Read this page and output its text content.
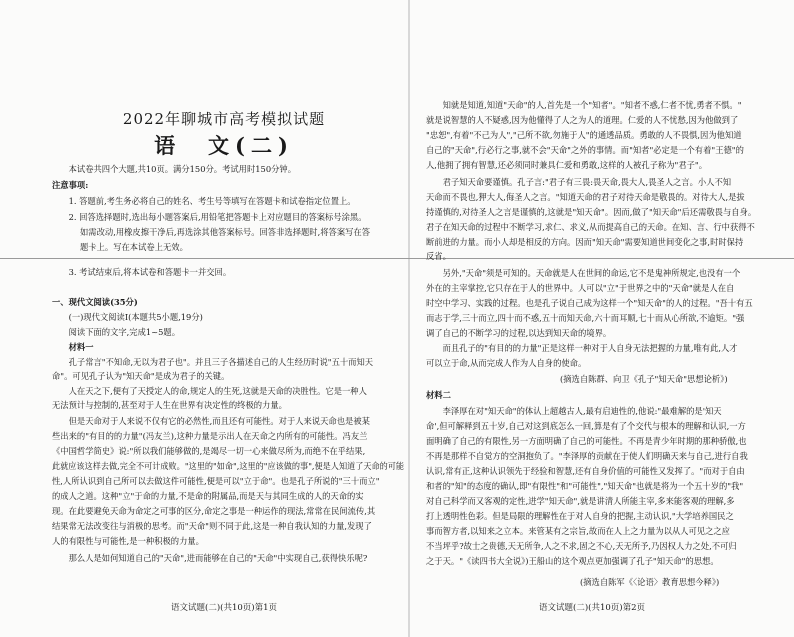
2022年聊城市高考模拟试题
语　文(二)

本试卷共四个大题,共10页。满分150分。考试用时150分钟。

注意事项:

1. 答题前,考生务必将自己的姓名、考生号等填写在答题卡和试卷指定位置上。

2. 回答选择题时,选出每小题答案后,用铅笔把答题卡上对应题目的答案标号涂黑。

如需改动,用橡皮擦干净后,再选涂其他答案标号。回答非选择题时,将答案写在答

题卡上。写在本试卷上无效。

3. 考试结束后,将本试卷和答题卡一并交回。

一、现代文阅读(35分)

(一)现代文阅读I(本题共5小题,19分)

阅读下面的文字,完成1~5题。

材料一

孔子常言"不知命,无以为君子也"。并且三子各描述自己的人生经历时说"五十而知天

命"。可见孔子认为"知天命"是成为君子的关键。

人在天之下,便有了天授定人的命,规定人的生死,这就是天命的决胜性。它是一种人

无法预计与控制的,甚至对于人生在世界有决定性的终极的力量。

但是天命对于人来说不仅有它的必然性,而且还有可能性。对于人来说天命也是被某

些出来的"有目的的力量"(冯友兰),这种力量是示出人在天命之内所有的可能性。冯友兰

《中国哲学简史》说:"所以我们能够做的,是竭尽一切一心来做尽所为,而绝不在乎结果,

此就应该这样去做,完全不可计成败。"这里的"如命",这里的"应该做的事",便是人知道了天命的可能

性,人所认识到自己所可以去做这件可能性,便是可以"立于命"。也是孔子所说的"三十而立"

的成人之道。这种"立"于命的力量,不是命的附属品,而是天与其同生成的人的天命的实

现。在此要避免天命为命定之可事的区分,命定之事是一种运作的现法,常常在民间流传,其

结果常无法改变往与消极的思考。而"天命"则不同于此,这是一种自我认知的力量,发现了

人的有限性与可能性,是一种积极的力量。

那么人是如何知道自己的"天命",进而能够在自己的"天命"中实现自己,获得快乐呢?

语文试题(二)(共10页)第1页

知就是知道,知道"天命"的人,首先是一个"知者"。"知者不惑,仁者不忧,勇者不惧。"

就是说智慧的人不疑惑,因为他懂得了人之为人的道理。仁爱的人不忧愁,因为他做到了

"忠恕",有着"不己为人","己所不欲,勿施于人"的通透品质。勇敢的人不畏惧,因为他知道

自己的"天命",行必行之事,就不会"天命"之外的事情。而"知者"必定是一个有着"王德"的

人,他拥了拥有智慧,还必须同时兼具仁爱和勇敢,这样的人被孔子称为"君子"。

君子知天命要谨慎。孔子言:"君子有三畏:畏天命,畏大人,畏圣人之言。小人不知

天命而不畏也,狎大人,侮圣人之言。"知道天命的君子对待天命是敬畏的。对待大人,是拔

持谨慎的,对待圣人之言是谨慎的,这就是"知天命"。因而,做了"知天命"后还需敬畏与自身。

君子在知天命的过程中不断学习,求仁、求义,从而提高自己的天命。在知、言、行中获得不

断前进的力量。而小人却是相反的方向。因而"知天命"需要知道世间变化之事,时时保持

反省。

另外,"天命"须是可知的。天命就是人在世间的命运,它不是鬼神所规定,也没有一个

外在的主宰掌控,它只存在于人的世界中。人可以"立"于世界之中的"天命"就是人在自

时空中学习、实践的过程。也是孔子说自己成为这样一个"知天命"的人的过程。"吾十有五

而志于学,三十而立,四十而不惑,五十而知天命,六十而耳顺,七十而从心所欲,不逾矩。"强

调了自己的不断学习的过程,以达到知天命的境界。

而且孔子的"有目的的力量"正是这样一种对于人自身无法把握的力量,唯有此,人才

可以立于命,从而完成人作为人自身的使命。

(摘选自陈群、向卫《孔子"知天命"思想论析》)

材料二

李泽厚在对"知天命"的体认上超越古人,最有启迪性的,他说:"最难解的是'知天

命',但可解释到五十岁,自己对这到底怎么一回,算是有了个交代与根本的理解和认识,一方

面明确了自己的有限性,另一方面明确了自己的可能性。不再是青少年时期的那种骄傲,也

不再是那样不自觉方的空洞抱负了。"李泽厚的贡献在于使人们明确天来与自己,进行自我

认识,常有正,这种认识领先于经验和智慧,还有自身价值的可能性又发挥了。"而对于自由

和者的"知"的态度的确认,即"有限性"和"可能性","知天命"也就是将为一个五十岁的"我"

对自己科学而又客观的定性,进学"知天命",就是讲清人所能主宰,多来能客观的理解,多

打上透明性色彩。但是局限的理解性在于对人自身的把握,主动认识,"大学培养国民之

事而智方者,以知来之立本。来管某有之宗旨,故而在人上之力量为以从人可见之之应

不当坪乎?故士之贵德,天无所争,人之不求,固之不心,天无所予,乃因权人力之处,不可归

之于天。"《读四书大全说》)王船山的这个观点更加强调了孔子"知天命"的思想。

(摘选自陈军《〈论语〉教育思想今释》)

语文试题(二)(共10页)第2页
